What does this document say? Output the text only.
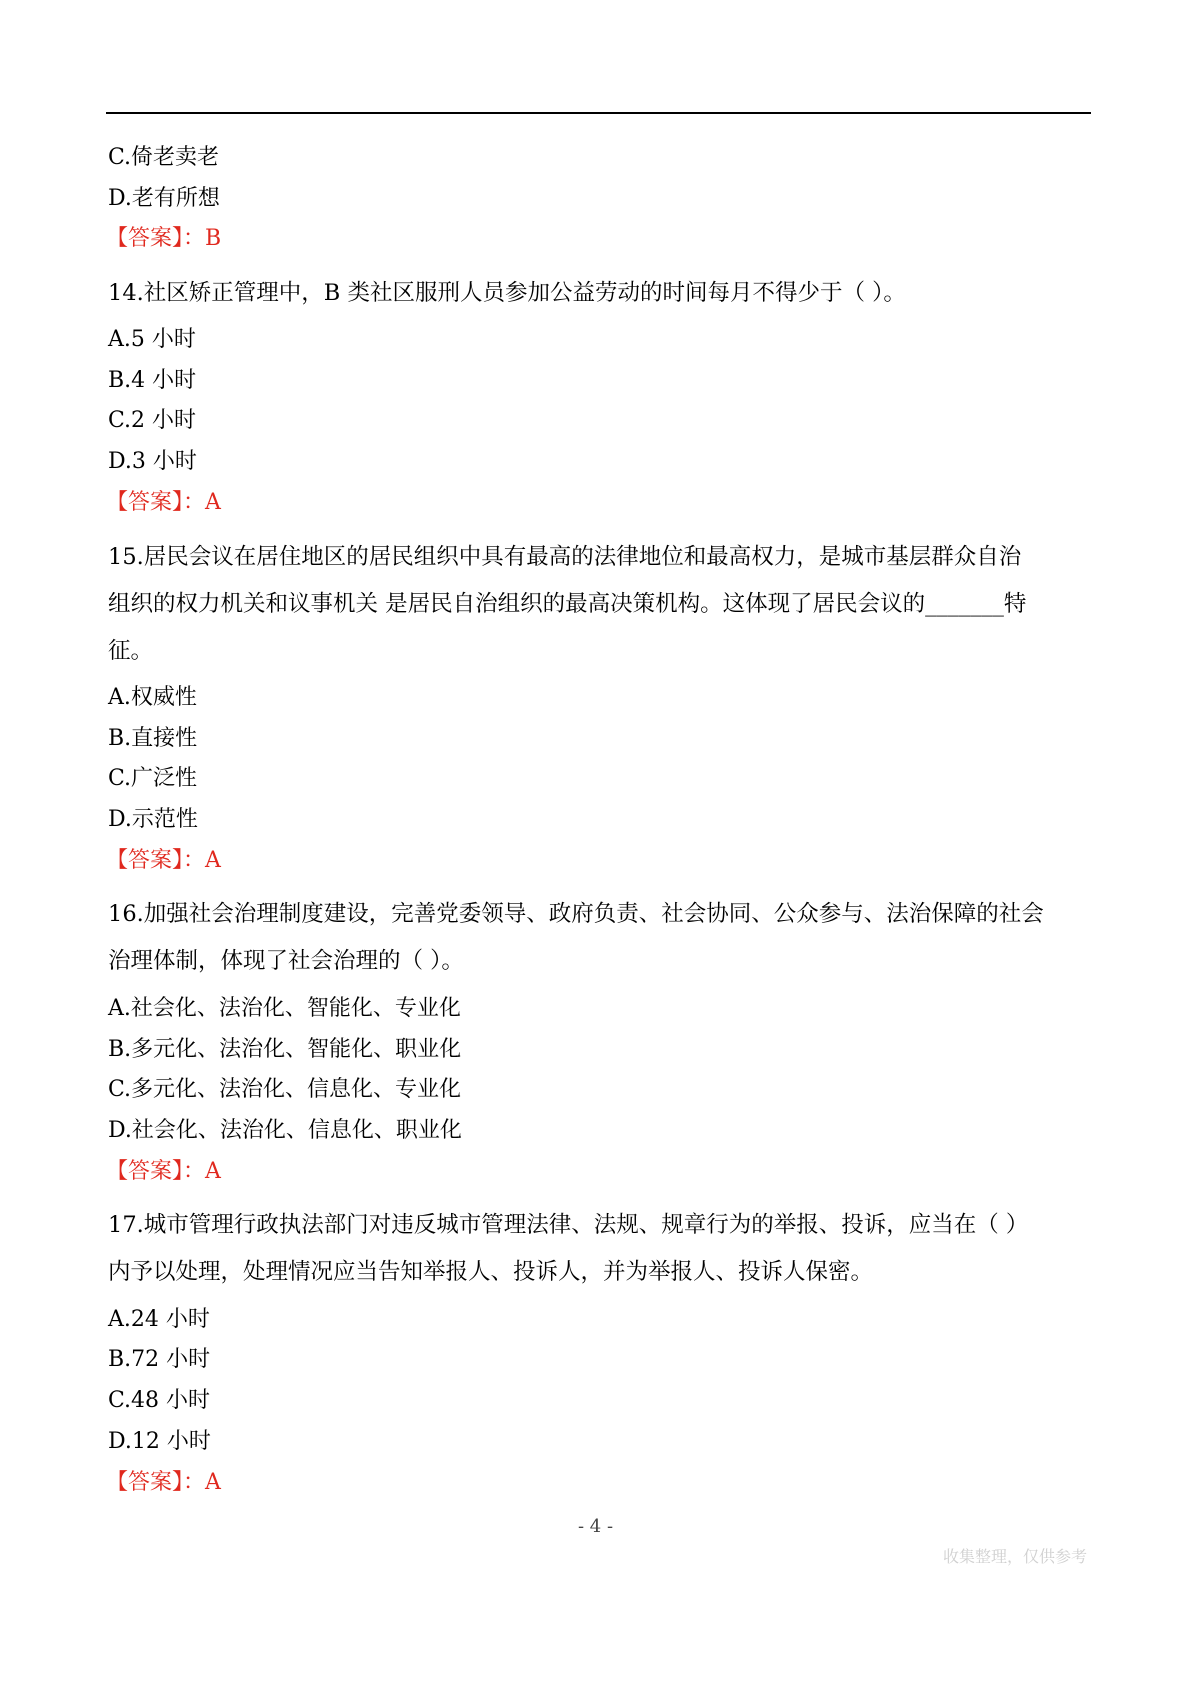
C.倚老卖老
D.老有所想
【答案】：B
14.社区矫正管理中，B 类社区服刑人员参加公益劳动的时间每月不得少于（ ）。
A.5 小时
B.4 小时
C.2 小时
D.3 小时
【答案】：A
15.居民会议在居住地区的居民组织中具有最高的法律地位和最高权力，是城市基层群众自治
组织的权力机关和议事机关 是居民自治组织的最高决策机构。这体现了居民会议的_______特
征。
A.权威性
B.直接性
C.广泛性
D.示范性
【答案】：A
16.加强社会治理制度建设，完善党委领导、政府负责、社会协同、公众参与、法治保障的社会
治理体制，体现了社会治理的（ ）。
A.社会化、法治化、智能化、专业化
B.多元化、法治化、智能化、职业化
C.多元化、法治化、信息化、专业化
D.社会化、法治化、信息化、职业化
【答案】：A
17.城市管理行政执法部门对违反城市管理法律、法规、规章行为的举报、投诉，应当在（ ）
内予以处理，处理情况应当告知举报人、投诉人，并为举报人、投诉人保密。
A.24 小时
B.72 小时
C.48 小时
D.12 小时
【答案】：A
- 4 -
收集整理，仅供参考
